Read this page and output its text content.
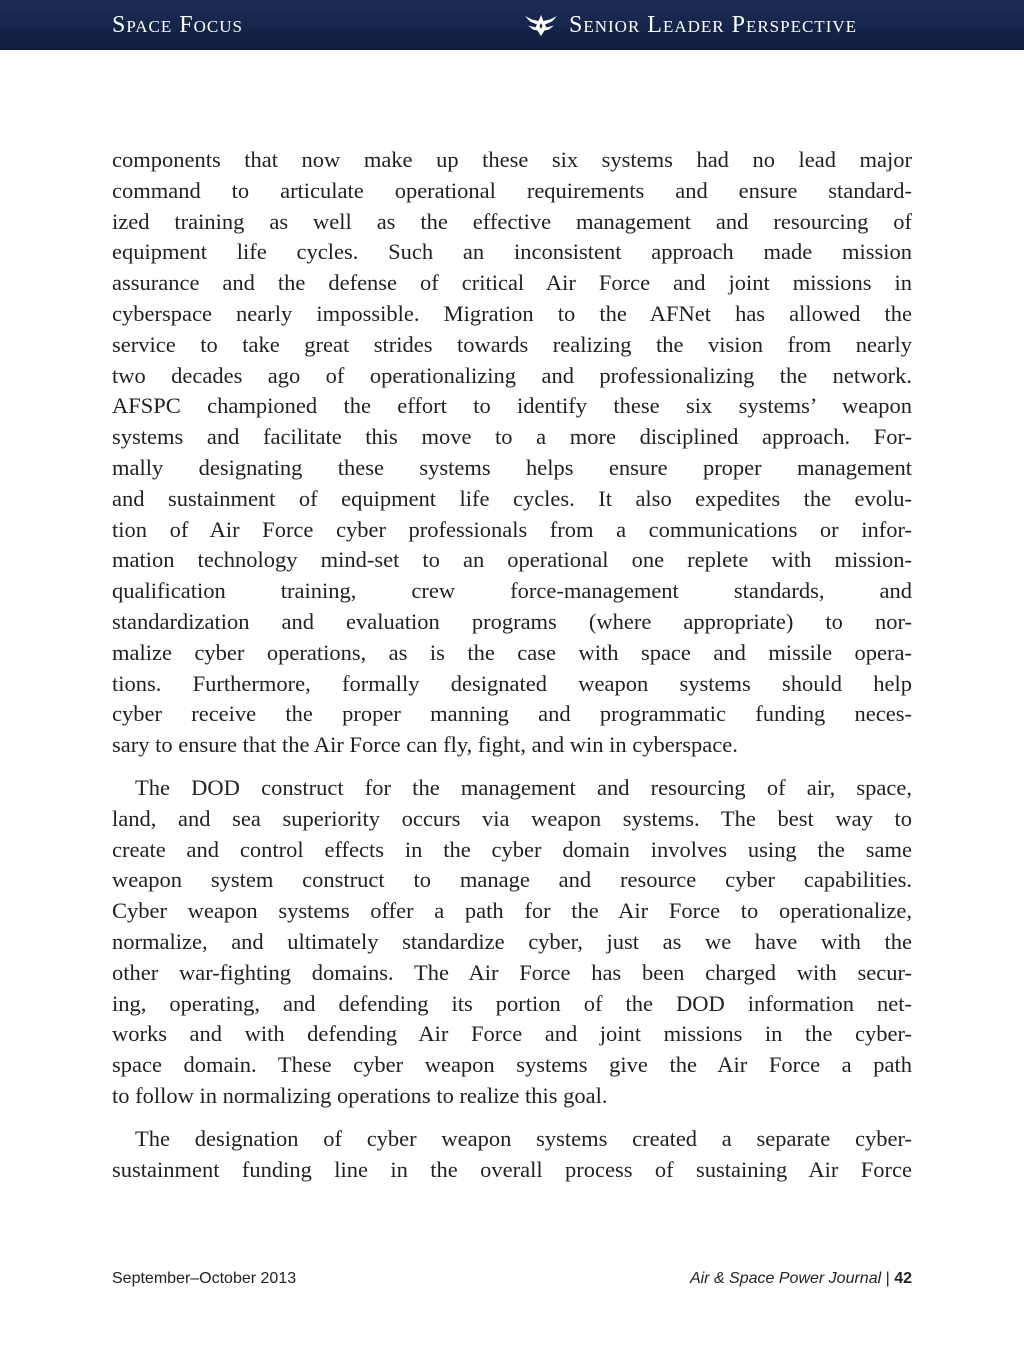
Space Focus	Senior Leader Perspective
components that now make up these six systems had no lead major
command to articulate operational requirements and ensure standard-
ized training as well as the effective management and resourcing of
equipment life cycles. Such an inconsistent approach made mission
assurance and the defense of critical Air Force and joint missions in
cyberspace nearly impossible. Migration to the AFNet has allowed the
service to take great strides towards realizing the vision from nearly
two decades ago of operationalizing and professionalizing the network.
AFSPC championed the effort to identify these six systems’ weapon
systems and facilitate this move to a more disciplined approach. For-
mally designating these systems helps ensure proper management
and sustainment of equipment life cycles. It also expedites the evolu-
tion of Air Force cyber professionals from a communications or infor-
mation technology mind-set to an operational one replete with mission-
qualification training, crew force-management standards, and
standardization and evaluation programs (where appropriate) to nor-
malize cyber operations, as is the case with space and missile opera-
tions. Furthermore, formally designated weapon systems should help
cyber receive the proper manning and programmatic funding neces-
sary to ensure that the Air Force can fly, fight, and win in cyberspace.
The DOD construct for the management and resourcing of air, space,
land, and sea superiority occurs via weapon systems. The best way to
create and control effects in the cyber domain involves using the same
weapon system construct to manage and resource cyber capabilities.
Cyber weapon systems offer a path for the Air Force to operationalize,
normalize, and ultimately standardize cyber, just as we have with the
other war-fighting domains. The Air Force has been charged with secur-
ing, operating, and defending its portion of the DOD information net-
works and with defending Air Force and joint missions in the cyber-
space domain. These cyber weapon systems give the Air Force a path
to follow in normalizing operations to realize this goal.
The designation of cyber weapon systems created a separate cyber-
sustainment funding line in the overall process of sustaining Air Force
September–October 2013	Air & Space Power Journal | 42
